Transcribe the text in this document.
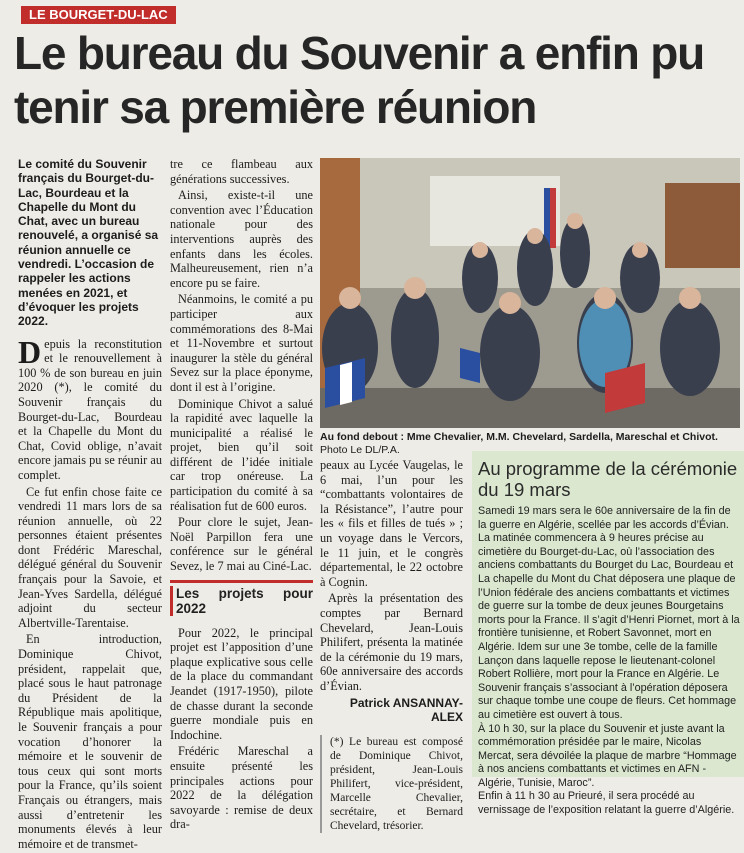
LE BOURGET-DU-LAC
Le bureau du Souvenir a enfin pu tenir sa première réunion
Le comité du Souvenir français du Bourget-du-Lac, Bourdeau et la Chapelle du Mont du Chat, avec un bureau renouvelé, a organisé sa réunion annuelle ce vendredi. L’occasion de rappeler les actions menées en 2021, et d’évoquer les projets 2022.

Depuis la reconstitution et le renouvellement à 100 % de son bureau en juin 2020 (*), le comité du Souvenir français du Bourget-du-Lac, Bourdeau et la Chapelle du Mont du Chat, Covid oblige, n’avait encore jamais pu se réunir au complet.

Ce fut enfin chose faite ce vendredi 11 mars lors de sa réunion annuelle, où 22 personnes étaient présentes dont Frédéric Mareschal, délégué général du Souvenir français pour la Savoie, et Jean-Yves Sardella, délégué adjoint du secteur Albertville-Tarentaise.

En introduction, Dominique Chivot, président, rappelait que, placé sous le haut patronage du Président de la République mais apolitique, le Souvenir français a pour vocation d’honorer la mémoire et le souvenir de tous ceux qui sont morts pour la France, qu’ils soient Français ou étrangers, mais aussi d’entretenir les monuments élevés à leur mémoire et de transmet-

tre ce flambeau aux générations successives.

Ainsi, existe-t-il une convention avec l’Éducation nationale pour des interventions auprès des enfants dans les écoles. Malheureusement, rien n’a encore pu se faire.

Néanmoins, le comité a pu participer aux commémorations des 8-Mai et 11-Novembre et surtout inaugurer la stèle du général Sevez sur la place éponyme, dont il est à l’origine.

Dominique Chivot a salué la rapidité avec laquelle la municipalité a réalisé le projet, bien qu’il soit différent de l’idée initiale car trop onéreuse. La participation du comité à sa réalisation fut de 600 euros.

Pour clore le sujet, Jean-Noël Parpillon fera une conférence sur le général Sevez, le 7 mai au Ciné-Lac.

Les projets pour 2022

Pour 2022, le principal projet est l’apposition d’une plaque explicative sous celle de la place du commandant Jeandet (1917-1950), pilote de chasse durant la seconde guerre mondiale puis en Indochine.

Frédéric Mareschal a ensuite présenté les principales actions pour 2022 de la délégation savoyarde : remise de deux dra-

Au fond debout : Mme Chevalier, M.M. Chevelard, Sardella, Mareschal et Chivot. Photo Le DL/P.A.

peaux au Lycée Vaugelas, le 6 mai, l’un pour les “combattants volontaires de la Résistance”, l’autre pour les « fils et filles de tués » ; un voyage dans le Vercors, le 11 juin, et le congrès départemental, le 22 octobre à Cognin.

Après la présentation des comptes par Bernard Chevelard, Jean-Louis Philifert, présenta la matinée de la cérémonie du 19 mars, 60e anniversaire des accords d’Évian.

Patrick ANSANNAY-ALEX
(*) Le bureau est composé de Dominique Chivot, président, Jean-Louis Philifert, vice-président, Marcelle Chevalier, secrétaire, et Bernard Chevelard, trésorier.
Au programme de la cérémonie du 19 mars

Samedi 19 mars sera le 60e anniversaire de la fin de la guerre en Algérie, scellée par les accords d’Évian. La matinée commencera à 9 heures précise au cimetière du Bourget-du-Lac, où l’association des anciens combattants du Bourget du Lac, Bourdeau et La chapelle du Mont du Chat déposera une plaque de l’Union fédérale des anciens combattants et victimes de guerre sur la tombe de deux jeunes Bourgetains morts pour la France. Il s’agit d’Henri Piornet, mort à la frontière tunisienne, et Robert Savonnet, mort en Algérie. Idem sur une 3e tombe, celle de la famille Lançon dans laquelle repose le lieutenant-colonel Robert Rollière, mort pour la France en Algérie. Le Souvenir français s’associant à l’opération déposera sur chaque tombe une coupe de fleurs. Cet hommage au cimetière est ouvert à tous.

À 10 h 30, sur la place du Souvenir et juste avant la commémoration présidée par le maire, Nicolas Mercat, sera dévoilée la plaque de marbre “Hommage à nos anciens combattants et victimes en AFN - Algérie, Tunisie, Maroc”.

Enfin à 11 h 30 au Prieuré, il sera procédé au vernissage de l’exposition relatant la guerre d’Algérie.
